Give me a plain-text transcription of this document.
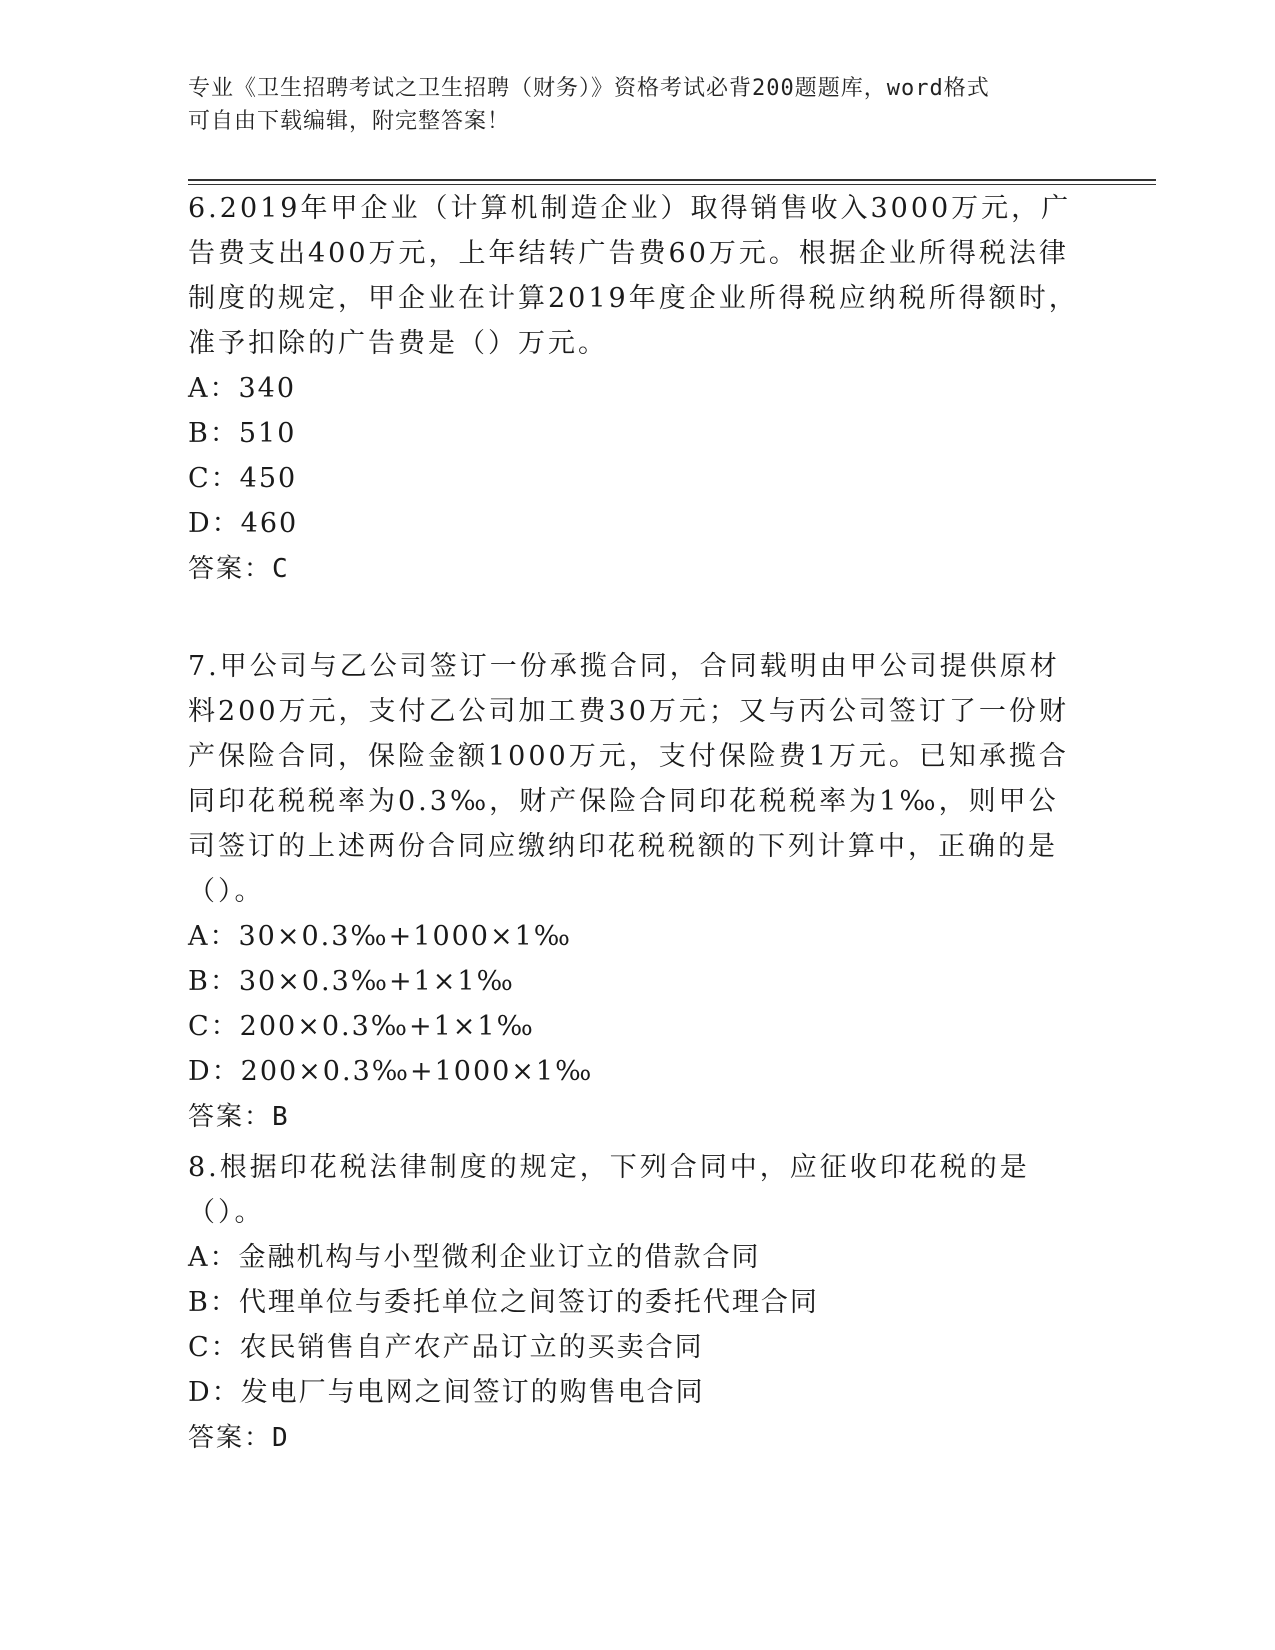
专业《卫生招聘考试之卫生招聘（财务）》资格考试必背200题题库，word格式
可自由下载编辑，附完整答案！

6.2019年甲企业（计算机制造企业）取得销售收入3000万元，广告费支出400万元，上年结转广告费60万元。根据企业所得税法律制度的规定，甲企业在计算2019年度企业所得税应纳税所得额时，准予扣除的广告费是（）万元。

A：340

B：510

C：450

D：460

答案：C

7.甲公司与乙公司签订一份承揽合同，合同载明由甲公司提供原材料200万元，支付乙公司加工费30万元；又与丙公司签订了一份财产保险合同，保险金额1000万元，支付保险费1万元。已知承揽合同印花税税率为0.3‰，财产保险合同印花税税率为1‰，则甲公司签订的上述两份合同应缴纳印花税税额的下列计算中，正确的是（）。

A：30×0.3‰+1000×1‰

B：30×0.3‰+1×1‰

C：200×0.3‰+1×1‰

D：200×0.3‰+1000×1‰

答案：B

8.根据印花税法律制度的规定，下列合同中，应征收印花税的是（）。

A：金融机构与小型微利企业订立的借款合同

B：代理单位与委托单位之间签订的委托代理合同

C：农民销售自产农产品订立的买卖合同

D：发电厂与电网之间签订的购售电合同

答案：D
